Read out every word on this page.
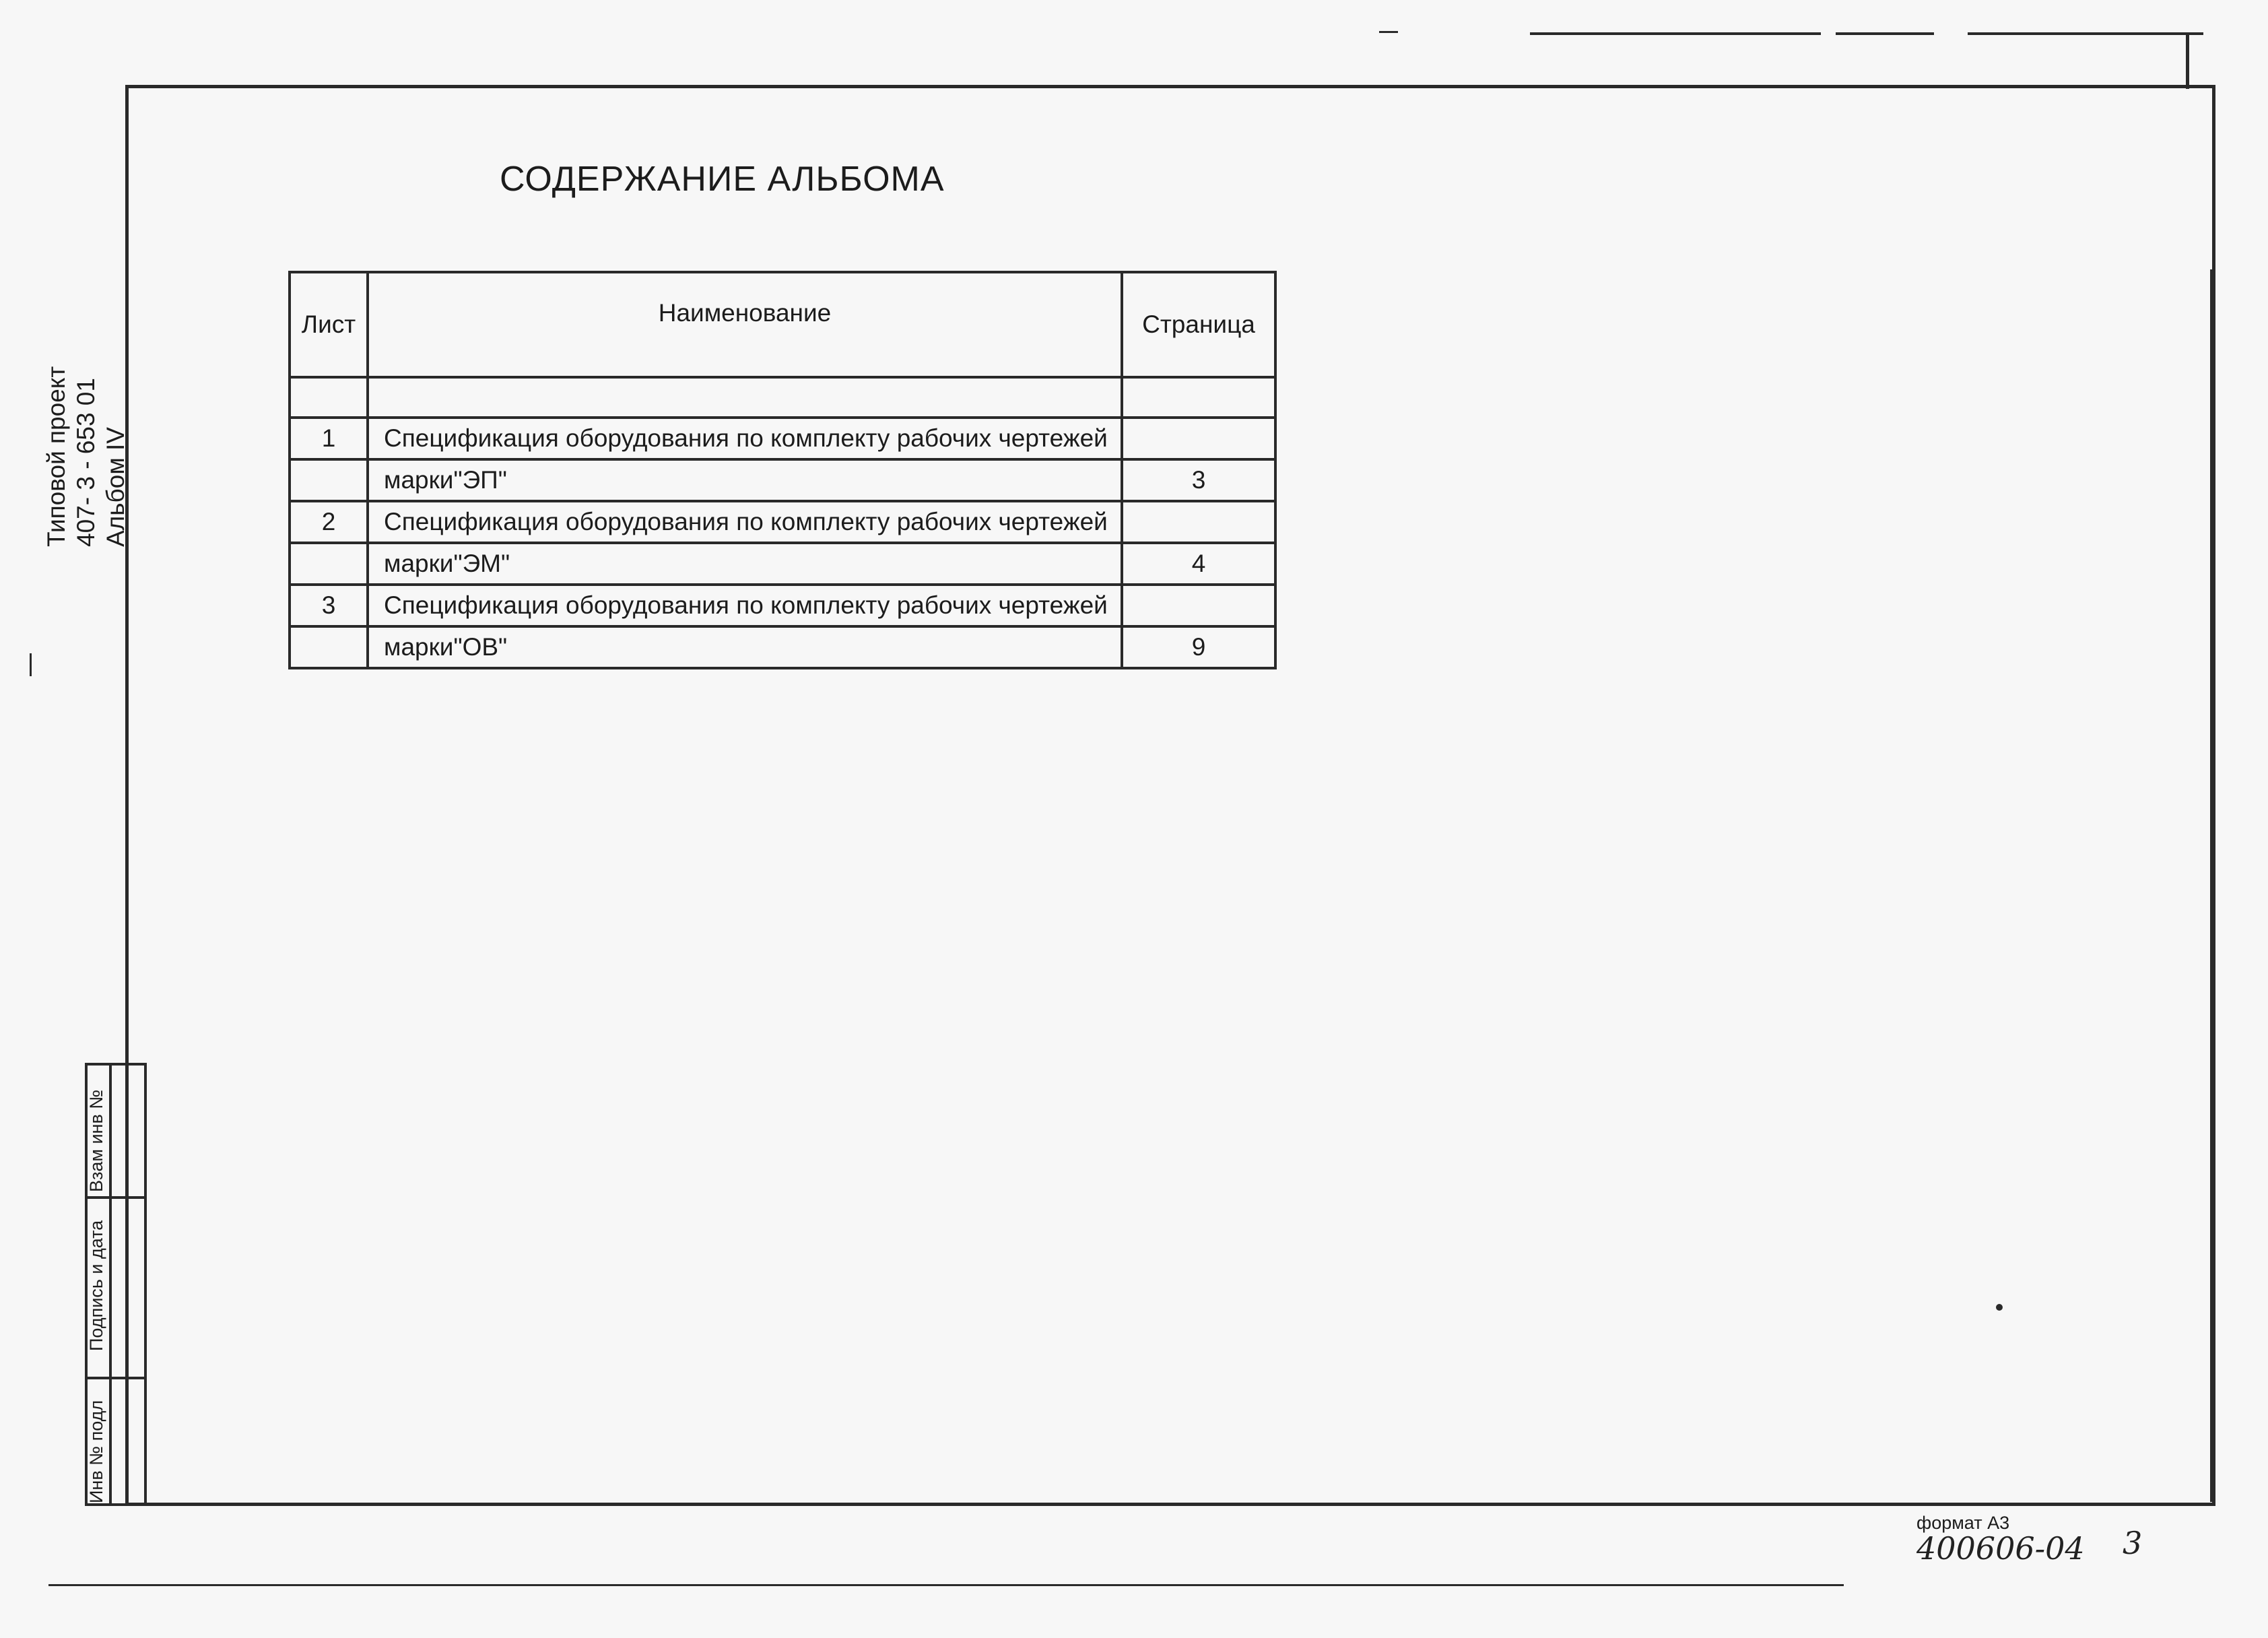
СОДЕРЖАНИЕ АЛЬБОМА
Лист	Наименование	Страница

1	Спецификация оборудования по комплекту рабочих чертежей	
	марки"ЭП"	3
2	Спецификация оборудования по комплекту рабочих чертежей	
	марки"ЭМ"	4
3	Спецификация оборудования по комплекту рабочих чертежей	
	марки"ОВ"	9
Типовой проект 407- 3 - 653 01 Альбом IV
Взам инв №
Подпись и дата
Инв № подл
формат А3
400606-04 3
